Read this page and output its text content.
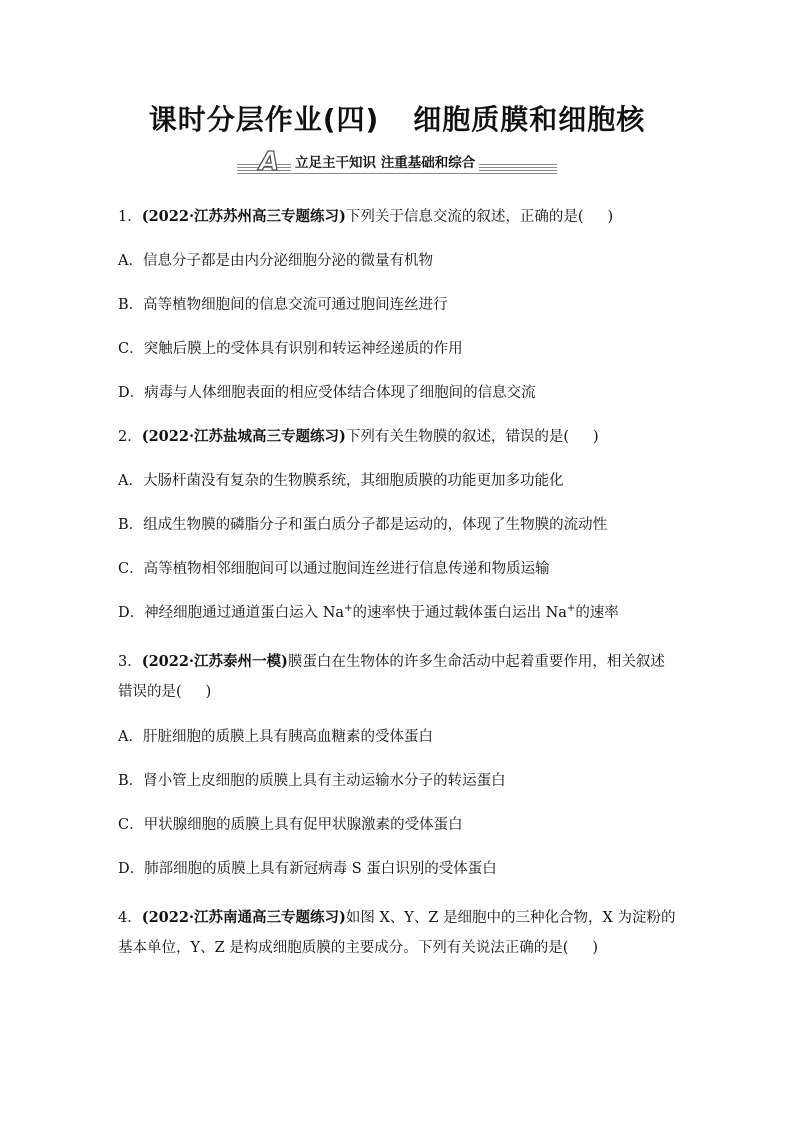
课时分层作业(四) 细胞质膜和细胞核
A 立足主干知识 注重基础和综合
1．(2022·江苏苏州高三专题练习)下列关于信息交流的叙述，正确的是( )
A．信息分子都是由内分泌细胞分泌的微量有机物
B．高等植物细胞间的信息交流可通过胞间连丝进行
C．突触后膜上的受体具有识别和转运神经递质的作用
D．病毒与人体细胞表面的相应受体结合体现了细胞间的信息交流
2．(2022·江苏盐城高三专题练习)下列有关生物膜的叙述，错误的是( )
A．大肠杆菌没有复杂的生物膜系统，其细胞质膜的功能更加多功能化
B．组成生物膜的磷脂分子和蛋白质分子都是运动的，体现了生物膜的流动性
C．高等植物相邻细胞间可以通过胞间连丝进行信息传递和物质运输
D．神经细胞通过通道蛋白运入 Na+的速率快于通过载体蛋白运出 Na+的速率
3．(2022·江苏泰州一模)膜蛋白在生物体的许多生命活动中起着重要作用，相关叙述错误的是( )
A．肝脏细胞的质膜上具有胰高血糖素的受体蛋白
B．肾小管上皮细胞的质膜上具有主动运输水分子的转运蛋白
C．甲状腺细胞的质膜上具有促甲状腺激素的受体蛋白
D．肺部细胞的质膜上具有新冠病毒 S 蛋白识别的受体蛋白
4．(2022·江苏南通高三专题练习)如图 X、Y、Z 是细胞中的三种化合物，X 为淀粉的基本单位，Y、Z 是构成细胞质膜的主要成分。下列有关说法正确的是( )
